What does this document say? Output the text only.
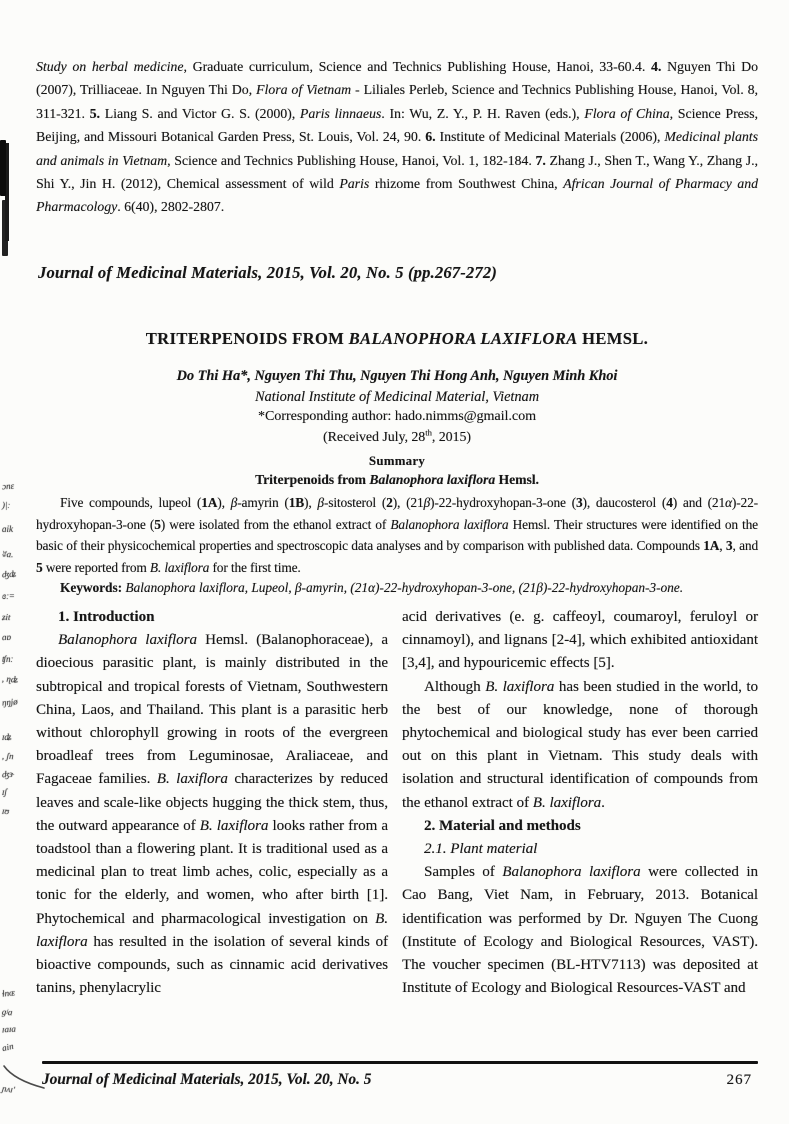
ɔnε
)|ː
ɑik
ʬa.
ʤʥ
ɞː=
ʑit
ɑɒ
ʧnː
, ɳʥ
ŋŋjø
ɪʥ
, ʃn
ʤɝ
ɪʃ
ɪʊ
ɬnɶ
ɡʲa
ɪaɪa
ain
ɲʌɪ'
Study on herbal medicine, Graduate curriculum, Science and Technics Publishing House, Hanoi, 33-60.4. 4. Nguyen Thi Do (2007), Trilliaceae. In Nguyen Thi Do, Flora of Vietnam - Liliales Perleb, Science and Technics Publishing House, Hanoi, Vol. 8, 311-321. 5. Liang S. and Victor G. S. (2000), Paris linnaeus. In: Wu, Z. Y., P. H. Raven (eds.), Flora of China, Science Press, Beijing, and Missouri Botanical Garden Press, St. Louis, Vol. 24, 90. 6. Institute of Medicinal Materials (2006), Medicinal plants and animals in Vietnam, Science and Technics Publishing House, Hanoi, Vol. 1, 182-184. 7. Zhang J., Shen T., Wang Y., Zhang J., Shi Y., Jin H. (2012), Chemical assessment of wild Paris rhizome from Southwest China, African Journal of Pharmacy and Pharmacology. 6(40), 2802-2807.
Journal of Medicinal Materials, 2015, Vol. 20, No. 5 (pp.267-272)
TRITERPENOIDS FROM BALANOPHORA LAXIFLORA HEMSL.
Do Thi Ha*, Nguyen Thi Thu, Nguyen Thi Hong Anh, Nguyen Minh Khoi
National Institute of Medicinal Material, Vietnam
*Corresponding author: hado.nimms@gmail.com
(Received July, 28th, 2015)
Summary
Triterpenoids from Balanophora laxiflora Hemsl.
Five compounds, lupeol (1A), β-amyrin (1B), β-sitosterol (2), (21β)-22-hydroxyhopan-3-one (3), daucosterol (4) and (21α)-22-hydroxyhopan-3-one (5) were isolated from the ethanol extract of Balanophora laxiflora Hemsl. Their structures were identified on the basic of their physicochemical properties and spectroscopic data analyses and by comparison with published data. Compounds 1A, 3, and 5 were reported from B. laxiflora for the first time.
Keywords: Balanophora laxiflora, Lupeol, β-amyrin, (21α)-22-hydroxyhopan-3-one, (21β)-22-hydroxyhopan-3-one.
1. Introduction
Balanophora laxiflora Hemsl. (Balanophoraceae), a dioecious parasitic plant, is mainly distributed in the subtropical and tropical forests of Vietnam, Southwestern China, Laos, and Thailand. This plant is a parasitic herb without chlorophyll growing in roots of the evergreen broadleaf trees from Leguminosae, Araliaceae, and Fagaceae families. B. laxiflora characterizes by reduced leaves and scale-like objects hugging the thick stem, thus, the outward appearance of B. laxiflora looks rather from a toadstool than a flowering plant. It is traditional used as a medicinal plan to treat limb aches, colic, especially as a tonic for the elderly, and women, who after birth [1]. Phytochemical and pharmacological investigation on B. laxiflora has resulted in the isolation of several kinds of bioactive compounds, such as cinnamic acid derivatives tanins, phenylacrylic
acid derivatives (e. g. caffeoyl, coumaroyl, feruloyl or cinnamoyl), and lignans [2-4], which exhibited antioxidant [3,4], and hypouricemic effects [5].
Although B. laxiflora has been studied in the world, to the best of our knowledge, none of thorough phytochemical and biological study has ever been carried out on this plant in Vietnam. This study deals with isolation and structural identification of compounds from the ethanol extract of B. laxiflora.
2. Material and methods
2.1. Plant material
Samples of Balanophora laxiflora were collected in Cao Bang, Viet Nam, in February, 2013. Botanical identification was performed by Dr. Nguyen The Cuong (Institute of Ecology and Biological Resources, VAST). The voucher specimen (BL-HTV7113) was deposited at Institute of Ecology and Biological Resources-VAST and
Journal of Medicinal Materials, 2015, Vol. 20, No. 5	267
